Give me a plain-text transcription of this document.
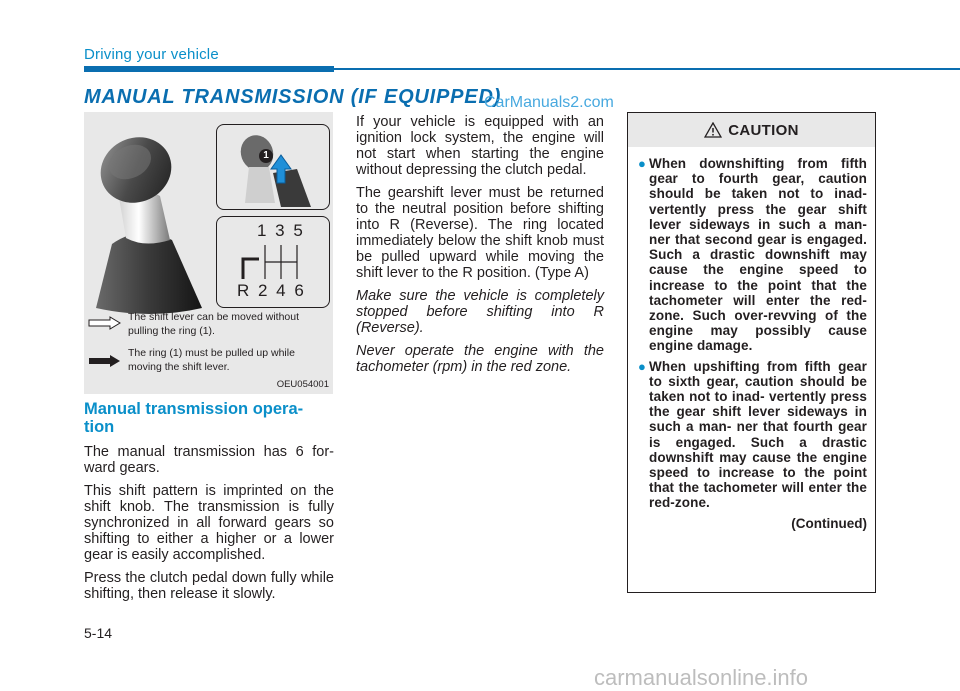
Driving your vehicle
MANUAL TRANSMISSION (IF EQUIPPED)
CarManuals2.com
1
1 3 5
R 2 4 6
The shift lever can be moved without pulling the ring (1).
The ring (1) must be pulled up while moving the shift lever.
OEU054001
Manual transmission opera- tion

The manual transmission has 6 for- ward gears.

This shift pattern is imprinted on the shift knob. The transmission is fully synchronized in all forward gears so shifting to either a higher or a lower gear is easily accomplished.

Press the clutch pedal down fully while shifting, then release it slowly.

If your vehicle is equipped with an ignition lock system, the engine will not start when starting the engine without depressing the clutch pedal.

The gearshift lever must be returned to the neutral position before shifting into R (Reverse). The ring located immediately below the shift knob must be pulled upward while moving the shift lever to the R position. (Type A)

Make sure the vehicle is completely stopped before shifting into R (Reverse).

Never operate the engine with the tachometer (rpm) in the red zone.

CAUTION
● When downshifting from fifth gear to fourth gear, caution should be taken not to inad- vertently press the gear shift lever sideways in such a man- ner that second gear is engaged. Such a drastic downshift may cause the engine speed to increase to the point that the tachometer will enter the red-zone. Such over-revving of the engine may possibly cause engine damage.
● When upshifting from fifth gear to sixth gear, caution should be taken not to inad- vertently press the gear shift lever sideways in such a man- ner that fourth gear is engaged. Such a drastic downshift may cause the engine speed to increase to the point that the tachometer will enter the red-zone.
(Continued)
5-14
carmanualsonline.info
